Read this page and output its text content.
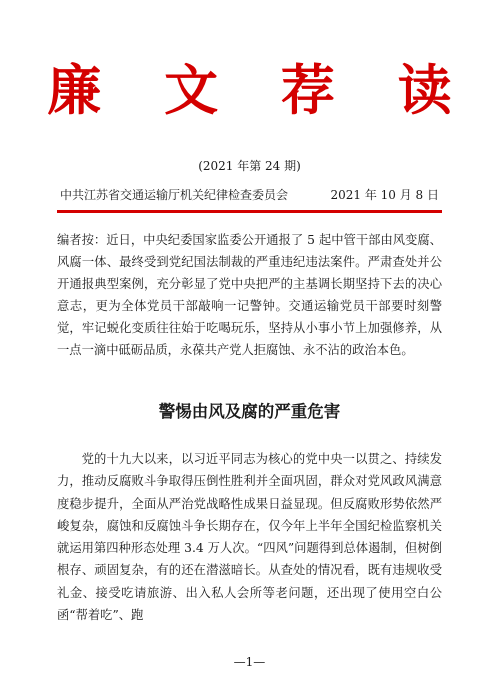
廉 文 荐 读
(2021 年第 24 期)
中共江苏省交通运输厅机关纪律检查委员会	2021 年 10 月 8 日

编者按：近日，中央纪委国家监委公开通报了 5 起中管干部由风变腐、风腐一体、最终受到党纪国法制裁的严重违纪违法案件。严肃查处并公开通报典型案例，充分彰显了党中央把严的主基调长期坚持下去的决心意志，更为全体党员干部敲响一记警钟。交通运输党员干部要时刻警觉，牢记蜕化变质往往始于吃喝玩乐，坚持从小事小节上加强修养，从一点一滴中砥砺品质，永葆共产党人拒腐蚀、永不沾的政治本色。

警惕由风及腐的严重危害

党的十九大以来，以习近平同志为核心的党中央一以贯之、持续发力，推动反腐败斗争取得压倒性胜利并全面巩固，群众对党风政风满意度稳步提升，全面从严治党战略性成果日益显现。但反腐败形势依然严峻复杂，腐蚀和反腐蚀斗争长期存在，仅今年上半年全国纪检监察机关就运用第四种形态处理 3.4 万人次。“四风”问题得到总体遏制，但树倒根存、顽固复杂，有的还在潜滋暗长。从查处的情况看，既有违规收受礼金、接受吃请旅游、出入私人会所等老问题，还出现了使用空白公函“帮着吃”、跑

—1—
